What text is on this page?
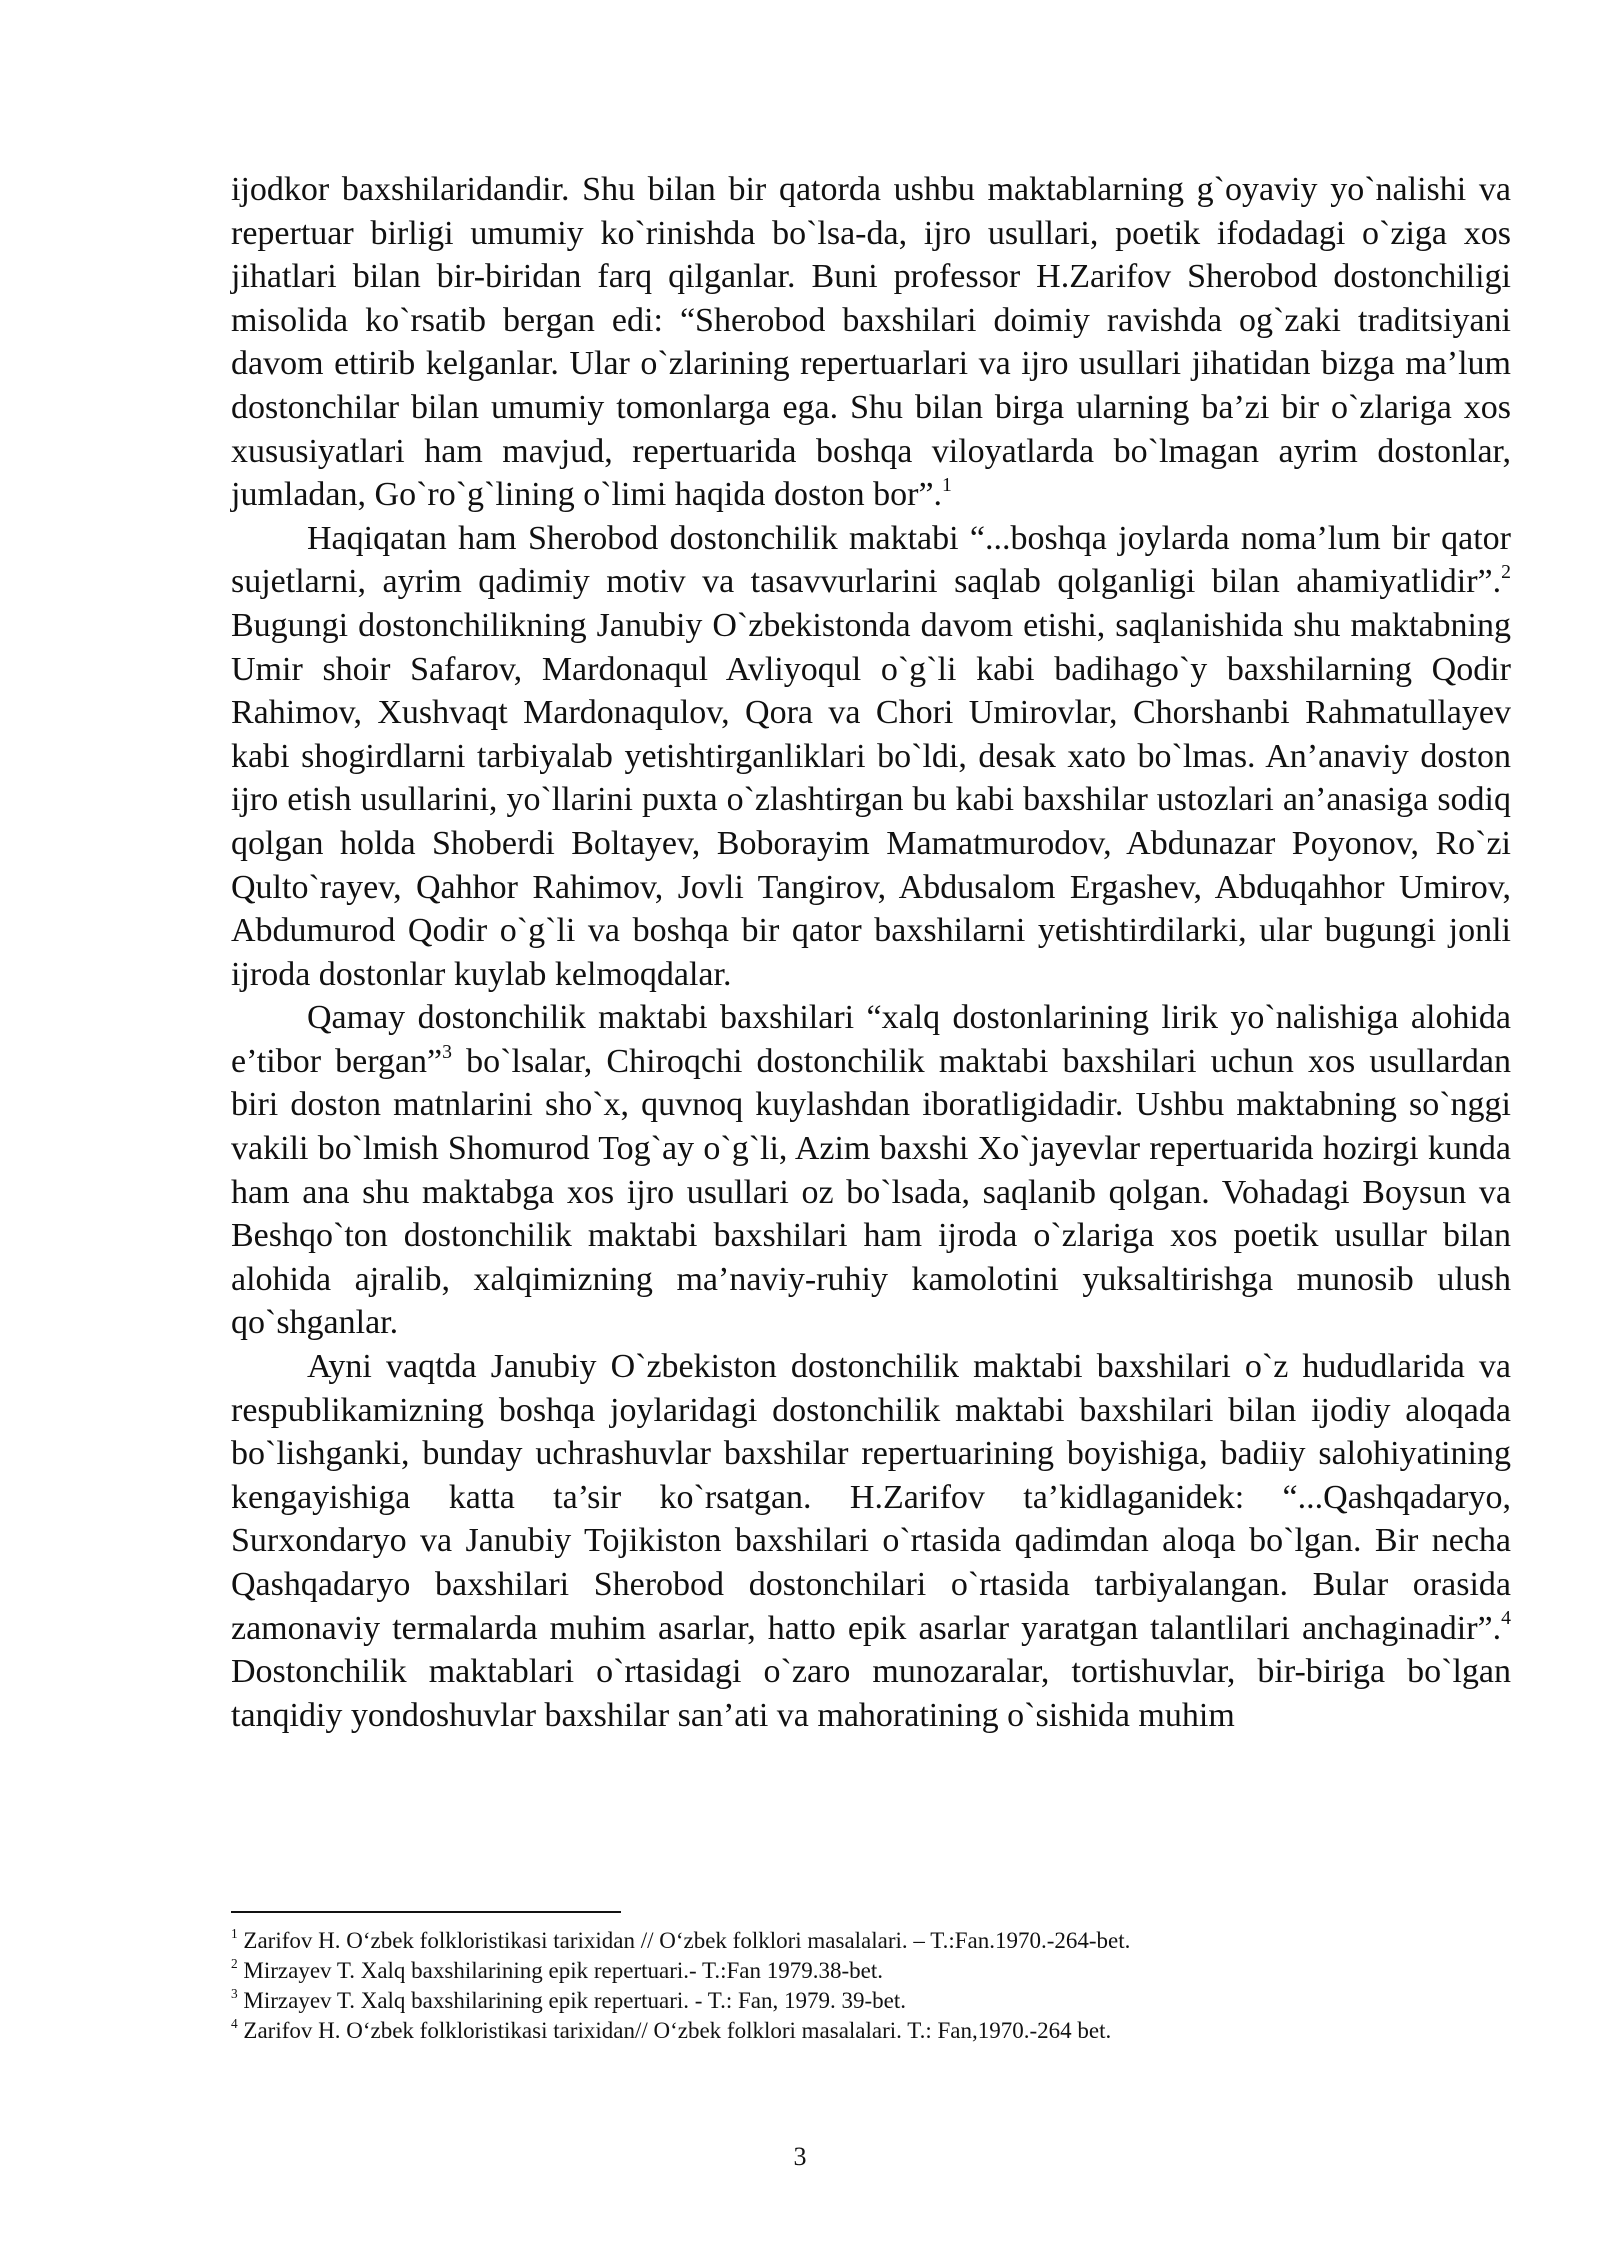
ijodkor baxshilaridandir. Shu bilan bir qatorda ushbu maktablarning g`oyaviy yo`nalishi va repertuar birligi umumiy ko`rinishda bo`lsa-da, ijro usullari, poetik ifodadagi o`ziga xos jihatlari bilan bir-biridan farq qilganlar. Buni professor H.Zarifov Sherobod dostonchiligi misolida ko`rsatib bergan edi: “Sherobod baxshilari doimiy ravishda og`zaki traditsiyani davom ettirib kelganlar. Ular o`zlarining repertuarlari va ijro usullari jihatidan bizga ma’lum dostonchilar bilan umumiy tomonlarga ega. Shu bilan birga ularning ba’zi bir o`zlariga xos xususiyatlari ham mavjud, repertuarida boshqa viloyatlarda bo`lmagan ayrim dostonlar, jumladan, Go`ro`g`lining o`limi haqida doston bor”.$^1$

Haqiqatan ham Sherobod dostonchilik maktabi “...boshqa joylarda noma’lum bir qator sujetlarni, ayrim qadimiy motiv va tasavvurlarini saqlab qolganligi bilan ahamiyatlidir”.$^2$ Bugungi dostonchilikning Janubiy O`zbekistonda davom etishi, saqlanishida shu maktabning Umir shoir Safarov, Mardonaqul Avliyoqul o`g`li kabi badihago`y baxshilarning Qodir Rahimov, Xushvaqt Mardonaqulov, Qora va Chori Umirovlar, Chorshanbi Rahmatullayev kabi shogirdlarni tarbiyalab yetishtirganliklari bo`ldi, desak xato bo`lmas. An’anaviy doston ijro etish usullarini, yo`llarini puxta o`zlashtirgan bu kabi baxshilar ustozlari an’anasiga sodiq qolgan holda Shoberdi Boltayev, Boborayim Mamatmurodov, Abdunazar Poyonov, Ro`zi Qulto`rayev, Qahhor Rahimov, Jovli Tangirov, Abdusalom Ergashev, Abduqahhor Umirov, Abdumurod Qodir o`g`li va boshqa bir qator baxshilarni yetishtirdilarki, ular bugungi jonli ijroda dostonlar kuylab kelmoqdalar.

Qamay dostonchilik maktabi baxshilari “xalq dostonlarining lirik yo`nalishiga alohida e’tibor bergan”$^3$ bo`lsalar, Chiroqchi dostonchilik maktabi baxshilari uchun xos usullardan biri doston matnlarini sho`x, quvnoq kuylashdan iboratligidadir. Ushbu maktabning so`nggi vakili bo`lmish Shomurod Tog`ay o`g`li, Azim baxshi Xo`jayevlar repertuarida hozirgi kunda ham ana shu maktabga xos ijro usullari oz bo`lsada, saqlanib qolgan. Vohadagi Boysun va Beshqo`ton dostonchilik maktabi baxshilari ham ijroda o`zlariga xos poetik usullar bilan alohida ajralib, xalqimizning ma’naviy-ruhiy kamolotini yuksaltirishga munosib ulush qo`shganlar.

Ayni vaqtda Janubiy O`zbekiston dostonchilik maktabi baxshilari o`z hududlarida va respublikamizning boshqa joylaridagi dostonchilik maktabi baxshilari bilan ijodiy aloqada bo`lishganki, bunday uchrashuvlar baxshilar repertuarining boyishiga, badiiy salohiyatining kengayishiga katta ta’sir ko`rsatgan. H.Zarifov ta’kidlaganidek: “...Qashqadaryo, Surxondaryo va Janubiy Tojikiston baxshilari o`rtasida qadimdan aloqa bo`lgan. Bir necha Qashqadaryo baxshilari Sherobod dostonchilari o`rtasida tarbiyalangan. Bular orasida zamonaviy termalarda muhim asarlar, hatto epik asarlar yaratgan talantlilari anchaginadir”.$^4$ Dostonchilik maktablari o`rtasidagi o`zaro munozaralar, tortishuvlar, bir-biriga bo`lgan tanqidiy yondoshuvlar baxshilar san’ati va mahoratining o`sishida muhim

$^1$ Zarifov H. O‘zbek folkloristikasi tarixidan // O‘zbek folklori masalalari. – T.:Fan.1970.-264-bet.
$^2$ Mirzayev T. Xalq baxshilarining epik repertuari.- T.:Fan 1979.38-bet.
$^3$ Mirzayev T. Xalq baxshilarining epik repertuari. - T.: Fan, 1979. 39-bet.
$^4$ Zarifov H. O‘zbek folkloristikasi tarixidan// O‘zbek folklori masalalari. T.: Fan,1970.-264 bet.
3
